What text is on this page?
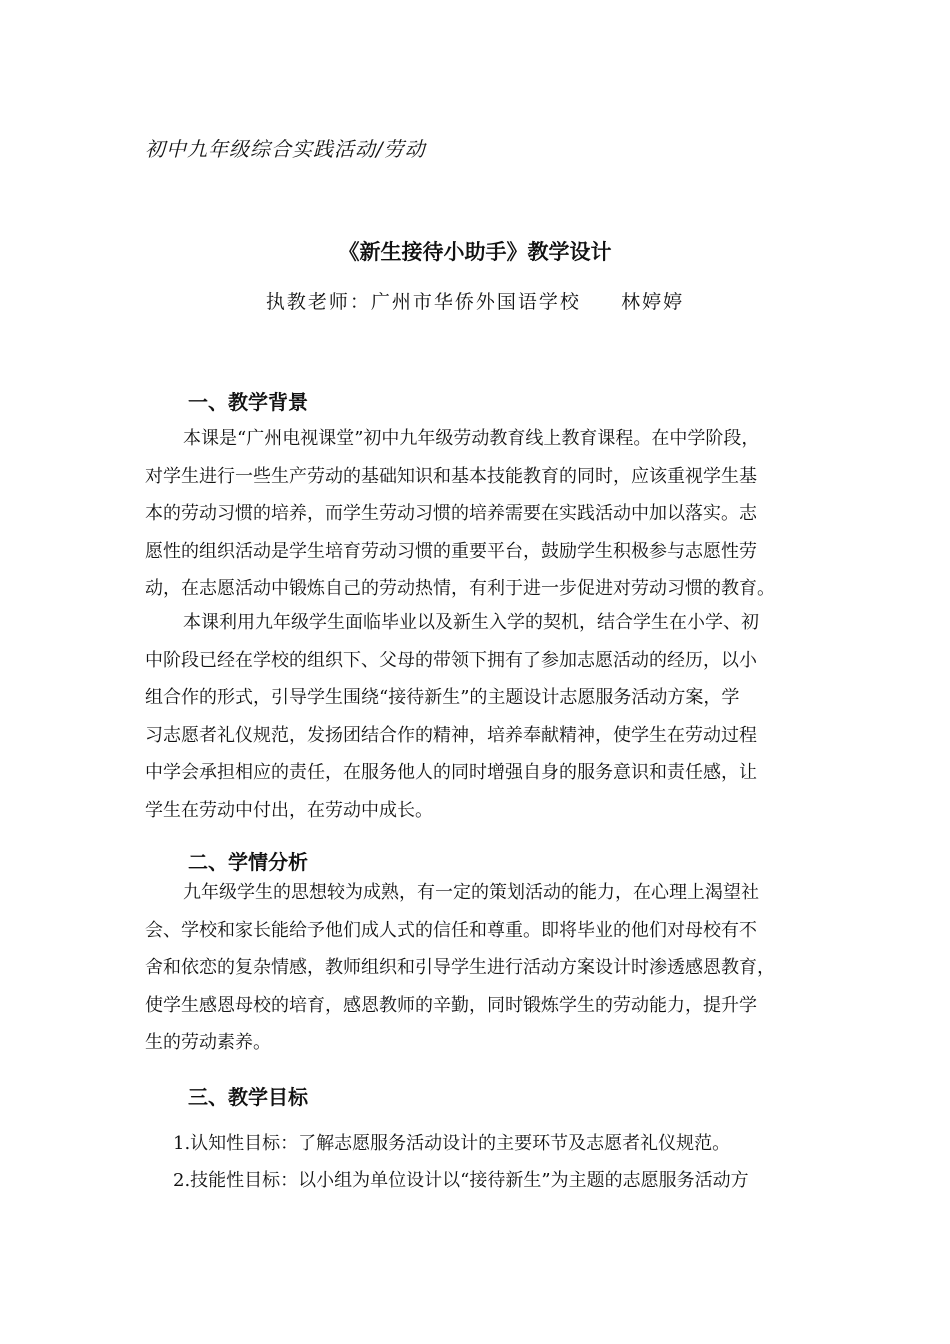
初中九年级综合实践活动/劳动
《新生接待小助手》教学设计
执教老师：广州市华侨外国语学校     林婷婷
一、教学背景
本课是“广州电视课堂”初中九年级劳动教育线上教育课程。在中学阶段，
对学生进行一些生产劳动的基础知识和基本技能教育的同时，应该重视学生基
本的劳动习惯的培养，而学生劳动习惯的培养需要在实践活动中加以落实。志
愿性的组织活动是学生培育劳动习惯的重要平台，鼓励学生积极参与志愿性劳
动，在志愿活动中锻炼自己的劳动热情，有利于进一步促进对劳动习惯的教育。
本课利用九年级学生面临毕业以及新生入学的契机，结合学生在小学、初
中阶段已经在学校的组织下、父母的带领下拥有了参加志愿活动的经历，以小
组合作的形式，引导学生围绕“接待新生”的主题设计志愿服务活动方案，学
习志愿者礼仪规范，发扬团结合作的精神，培养奉献精神，使学生在劳动过程
中学会承担相应的责任，在服务他人的同时增强自身的服务意识和责任感，让
学生在劳动中付出，在劳动中成长。
二、学情分析
九年级学生的思想较为成熟，有一定的策划活动的能力，在心理上渴望社
会、学校和家长能给予他们成人式的信任和尊重。即将毕业的他们对母校有不
舍和依恋的复杂情感，教师组织和引导学生进行活动方案设计时渗透感恩教育，
使学生感恩母校的培育，感恩教师的辛勤，同时锻炼学生的劳动能力，提升学
生的劳动素养。
三、教学目标
1.认知性目标：了解志愿服务活动设计的主要环节及志愿者礼仪规范。
2.技能性目标：以小组为单位设计以“接待新生”为主题的志愿服务活动方
